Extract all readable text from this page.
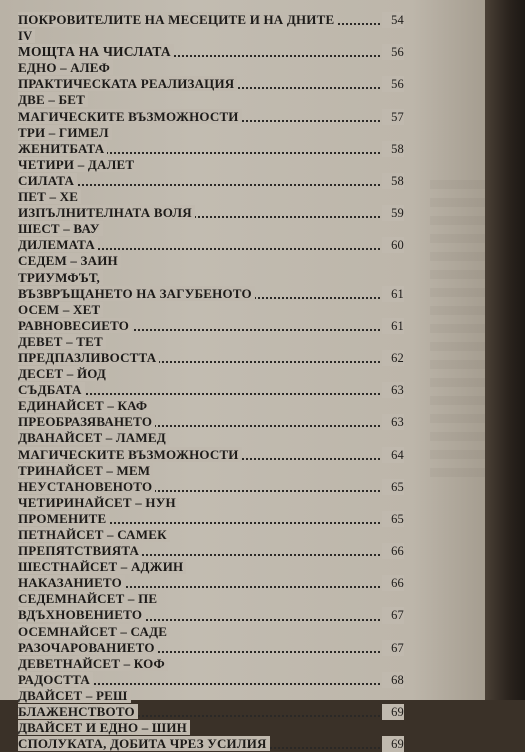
ПОКРОВИТЕЛИТЕ НА МЕСЕЦИТЕ И НА ДНИТЕ	54
IV
МОЩТА НА ЧИСЛАТА	56
ЕДНО – АЛЕФ
ПРАКТИЧЕСКАТА РЕАЛИЗАЦИЯ	56
ДВЕ – БЕТ
МАГИЧЕСКИТЕ ВЪЗМОЖНОСТИ	57
ТРИ – ГИМЕЛ
ЖЕНИТБАТА	58
ЧЕТИРИ – ДАЛЕТ
СИЛАТА	58
ПЕТ – ХЕ
ИЗПЪЛНИТЕЛНАТА ВОЛЯ	59
ШЕСТ – ВАУ
ДИЛЕМАТА	60
СЕДЕМ – ЗАИН
ТРИУМФЪТ,
ВЪЗВРЪЩАНЕТО НА ЗАГУБЕНОТО	61
ОСЕМ – ХЕТ
РАВНОВЕСИЕТО	61
ДЕВЕТ – ТЕТ
ПРЕДПАЗЛИВОСТТА	62
ДЕСЕТ – ЙОД
СЪДБАТА	63
ЕДИНАЙСЕТ – КАФ
ПРЕОБРАЗЯВАНЕТО	63
ДВАНАЙСЕТ – ЛАМЕД
МАГИЧЕСКИТЕ ВЪЗМОЖНОСТИ	64
ТРИНАЙСЕТ – МЕМ
НЕУСТАНОВЕНОТО	65
ЧЕТИРИНАЙСЕТ – НУН
ПРОМЕНИТЕ	65
ПЕТНАЙСЕТ – САМЕК
ПРЕПЯТСТВИЯТА	66
ШЕСТНАЙСЕТ – АДЖИН
НАКАЗАНИЕТО	66
СЕДЕМНАЙСЕТ – ПЕ
ВДЪХНОВЕНИЕТО	67
ОСЕМНАЙСЕТ – САДЕ
РАЗОЧАРОВАНИЕТО	67
ДЕВЕТНАЙСЕТ – КОФ
РАДОСТТА	68
ДВАЙСЕТ – РЕШ
БЛАЖЕНСТВОТО	69
ДВАЙСЕТ И ЕДНО – ШИН
СПОЛУКАТА, ДОБИТА ЧРЕЗ УСИЛИЯ	69
